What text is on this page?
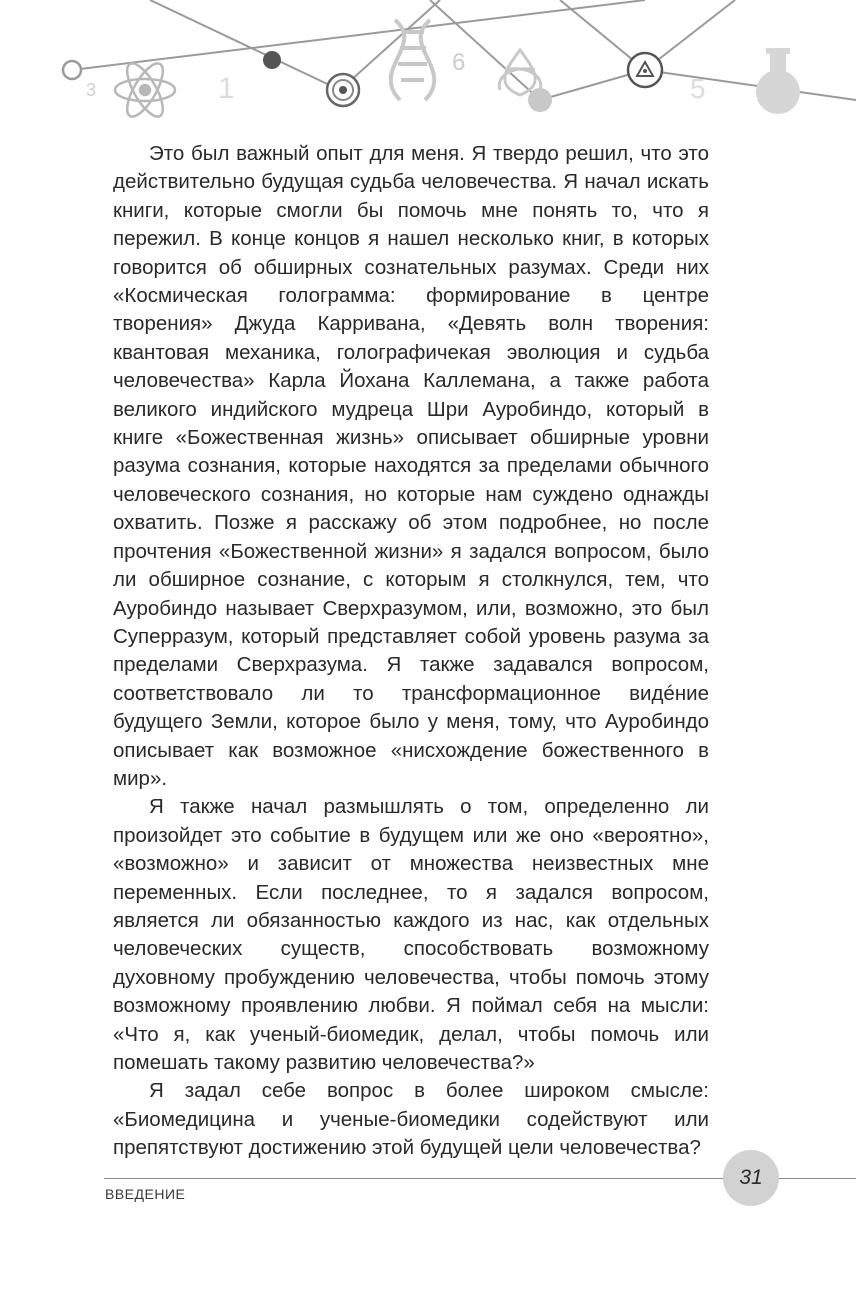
3	1
6
5

Это был важный опыт для меня. Я твердо решил, что это действительно будущая судьба человечества. Я начал искать книги, которые смогли бы помочь мне понять то, что я пережил. В конце концов я нашел несколько книг, в которых говорится об обширных сознательных разумах. Среди них «Космическая голограмма: формирование в центре творения» Джуда Карривана, «Девять волн творения: квантовая механика, голографичекая эволюция и судьба человечества» Карла Йохана Каллемана, а также работа великого индийского мудреца Шри Ауробиндо, который в книге «Божественная жизнь» описывает обширные уровни разума сознания, которые находятся за пределами обычного человеческого сознания, но которые нам суждено однажды охватить. Позже я расскажу об этом подробнее, но после прочтения «Божественной жизни» я задался вопросом, было ли обширное сознание, с которым я столкнулся, тем, что Ауробиндо называет Сверхразумом, или, возможно, это был Суперразум, который представляет собой уровень разума за пределами Сверхразума. Я также задавался вопросом, соответствовало ли то трансформационное видéние будущего Земли, которое было у меня, тому, что Ауробиндо описывает как возможное «нисхождение божественного в мир».

Я также начал размышлять о том, определенно ли произойдет это событие в будущем или же оно «вероятно», «возможно» и зависит от множества неизвестных мне переменных. Если последнее, то я задался вопросом, является ли обязанностью каждого из нас, как отдельных человеческих существ, способствовать возможному духовному пробуждению человечества, чтобы помочь этому возможному проявлению любви. Я поймал себя на мысли: «Что я, как ученый-биомедик, делал, чтобы помочь или помешать такому развитию человечества?»

Я задал себе вопрос в более широком смысле: «Биомедицина и ученые-биомедики содействуют или препятствуют достижению этой будущей цели человечества?

ВВЕДЕНИЕ
31
